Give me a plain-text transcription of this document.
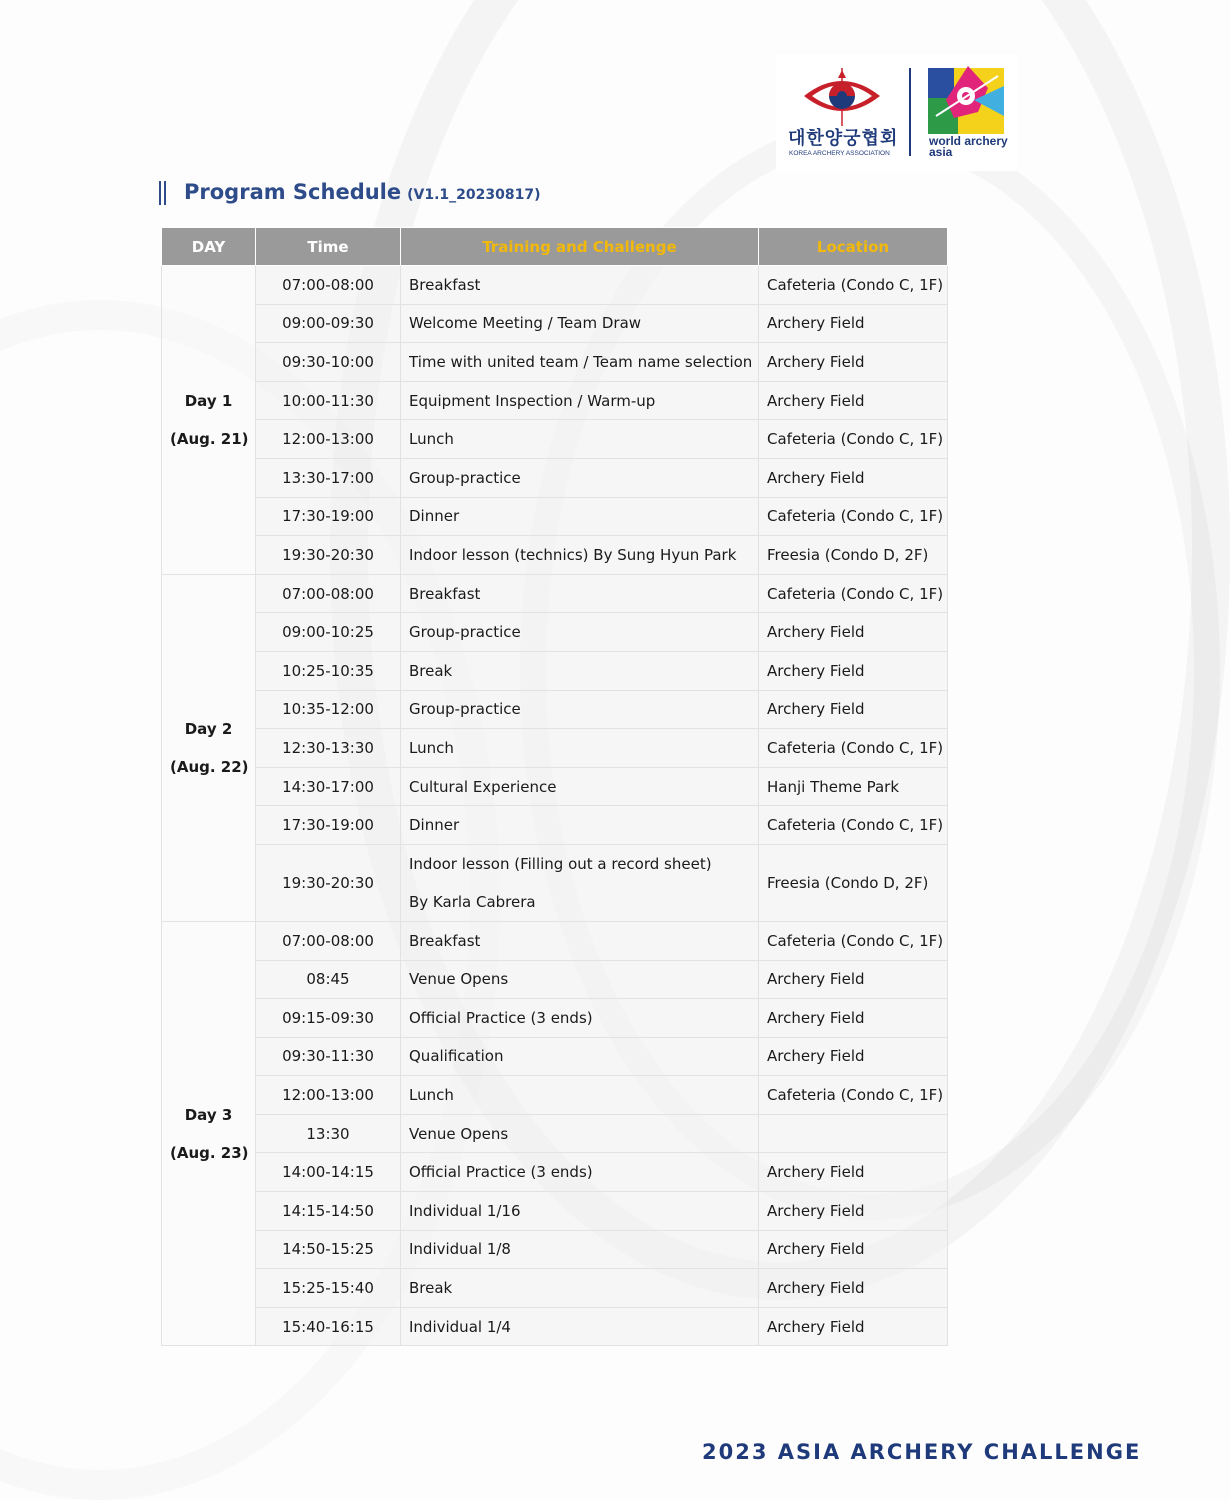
대한양궁협회
KOREA ARCHERY ASSOCIATION
world archery
asia
Program Schedule (V1.1_20230817)
DAY	Time	Training and Challenge	Location

Day 1
(Aug. 21)	07:00-08:00	Breakfast	Cafeteria (Condo C, 1F)
	09:00-09:30	Welcome Meeting / Team Draw	Archery Field
	09:30-10:00	Time with united team / Team name selection	Archery Field
	10:00-11:30	Equipment Inspection / Warm-up	Archery Field
	12:00-13:00	Lunch	Cafeteria (Condo C, 1F)
	13:30-17:00	Group-practice	Archery Field
	17:30-19:00	Dinner	Cafeteria (Condo C, 1F)
	19:30-20:30	Indoor lesson (technics) By Sung Hyun Park	Freesia (Condo D, 2F)

Day 2
(Aug. 22)	07:00-08:00	Breakfast	Cafeteria (Condo C, 1F)
	09:00-10:25	Group-practice	Archery Field
	10:25-10:35	Break	Archery Field
	10:35-12:00	Group-practice	Archery Field
	12:30-13:30	Lunch	Cafeteria (Condo C, 1F)
	14:30-17:00	Cultural Experience	Hanji Theme Park
	17:30-19:00	Dinner	Cafeteria (Condo C, 1F)
	19:30-20:30	Indoor lesson (Filling out a record sheet)
By Karla Cabrera	Freesia (Condo D, 2F)

Day 3
(Aug. 23)	07:00-08:00	Breakfast	Cafeteria (Condo C, 1F)
	08:45	Venue Opens	Archery Field
	09:15-09:30	Official Practice (3 ends)	Archery Field
	09:30-11:30	Qualification	Archery Field
	12:00-13:00	Lunch	Cafeteria (Condo C, 1F)
	13:30	Venue Opens	
	14:00-14:15	Official Practice (3 ends)	Archery Field
	14:15-14:50	Individual 1/16	Archery Field
	14:50-15:25	Individual 1/8	Archery Field
	15:25-15:40	Break	Archery Field
	15:40-16:15	Individual 1/4	Archery Field
2023 ASIA ARCHERY CHALLENGE
